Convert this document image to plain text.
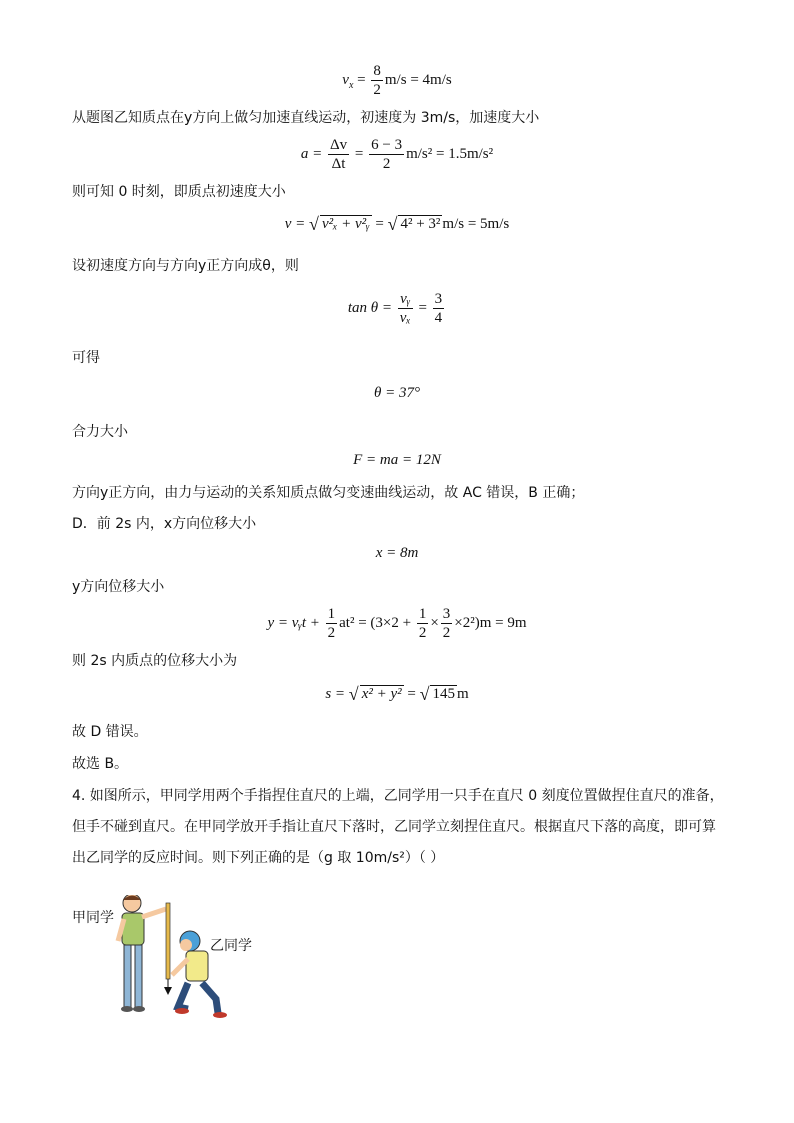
$v_x = \frac{8}{2} m/s = 4m/s$
从题图乙知质点在y方向上做匀加速直线运动，初速度为 3m/s，加速度大小
$a = \frac{\Delta v}{\Delta t} = \frac{6 - 3}{2} m/s^2 = 1.5m/s^2$
则可知 0 时刻，即质点初速度大小
v = √ v²ₓ + v²ᵧ = √ 4² + 3² m/s = 5m/s
设初速度方向与方向y正方向成θ，则
$\tan \theta = \frac{\text{vᵧ}}{\text{vₓ}} = \frac{3}{4}$
可得
θ = 37°
合力大小
F = ma = 12N
方向y正方向，由力与运动的关系知质点做匀变速曲线运动，故 AC 错误，B 正确；
D．前 2s 内，x方向位移大小
x = 8m
y方向位移大小
y = vᵧt + $\frac{1}{2} at^2 = (3\times 2 + \frac{1}{2} \times \frac{3}{2} \times 2^2)m = 9m$
则 2s 内质点的位移大小为
s = √ x² + y² = √ 145 m
故 D 错误。
故选 B。
4. 如图所示，甲同学用两个手指捏住直尺的上端，乙同学用一只手在直尺 0 刻度位置做捏住直尺的准备，
但手不碰到直尺。在甲同学放开手指让直尺下落时，乙同学立刻捏住直尺。根据直尺下落的高度，即可算
出乙同学的反应时间。则下列正确的是（g 取 10m/s²）（ ）
甲同学
乙同学
